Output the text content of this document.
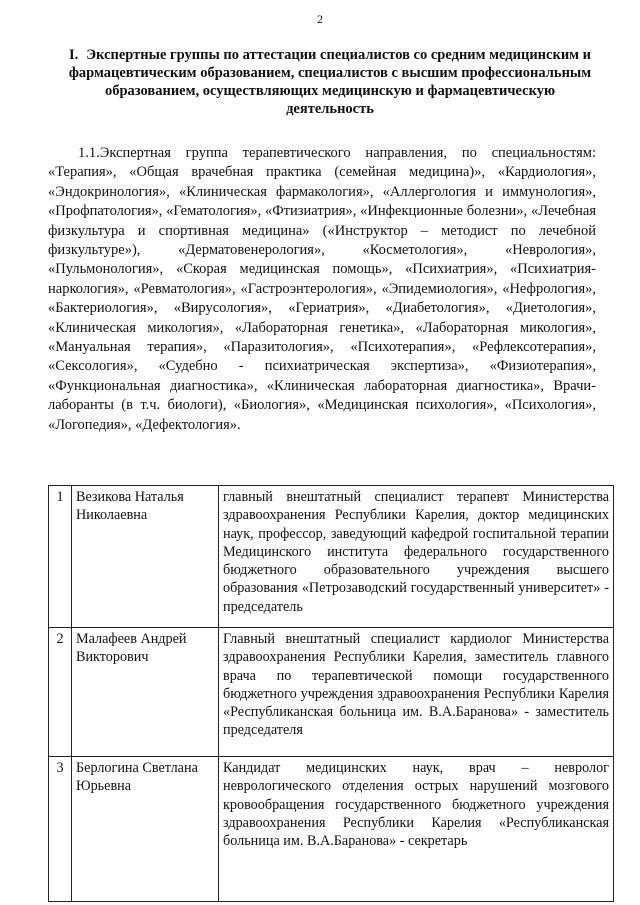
2
I. Экспертные группы по аттестации специалистов со средним медицинским и фармацевтическим образованием, специалистов с высшим профессиональным образованием, осуществляющих медицинскую и фармацевтическую деятельность
1.1.Экспертная группа терапевтического направления, по специальностям: «Терапия», «Общая врачебная практика (семейная медицина)», «Кардиология», «Эндокринология», «Клиническая фармакология», «Аллергология и иммунология», «Профпатология», «Гематология», «Фтизиатрия», «Инфекционные болезни», «Лечебная физкультура и спортивная медицина» («Инструктор – методист по лечебной физкультуре»), «Дерматовенерология», «Косметология», «Неврология», «Пульмонология», «Скорая медицинская помощь», «Психиатрия», «Психиатрия-наркология», «Ревматология», «Гастроэнтерология», «Эпидемиология», «Нефрология», «Бактериология», «Вирусология», «Гериатрия», «Диабетология», «Диетология», «Клиническая микология», «Лабораторная генетика», «Лабораторная микология», «Мануальная терапия», «Паразитология», «Психотерапия», «Рефлексотерапия», «Сексология», «Судебно - психиатрическая экспертиза», «Физиотерапия», «Функциональная диагностика», «Клиническая лабораторная диагностика», Врачи-лаборанты (в т.ч. биологи), «Биология», «Медицинская психология», «Психология», «Логопедия», «Дефектология».
1	Везикова Наталья Николаевна	главный внештатный специалист терапевт Министерства здравоохранения Республики Карелия, доктор медицинских наук, профессор, заведующий кафедрой госпитальной терапии Медицинского института федерального государственного бюджетного образовательного учреждения высшего образования «Петрозаводский государственный университет» - председатель
2	Малафеев Андрей Викторович	Главный внештатный специалист кардиолог Министерства здравоохранения Республики Карелия, заместитель главного врача по терапевтической помощи государственного бюджетного учреждения здравоохранения Республики Карелия «Республиканская больница им. В.А.Баранова» - заместитель председателя
3	Берлогина Светлана Юрьевна	Кандидат медицинских наук, врач – невролог неврологического отделения острых нарушений мозгового кровообращения государственного бюджетного учреждения здравоохранения Республики Карелия «Республиканская больница им. В.А.Баранова» - секретарь
